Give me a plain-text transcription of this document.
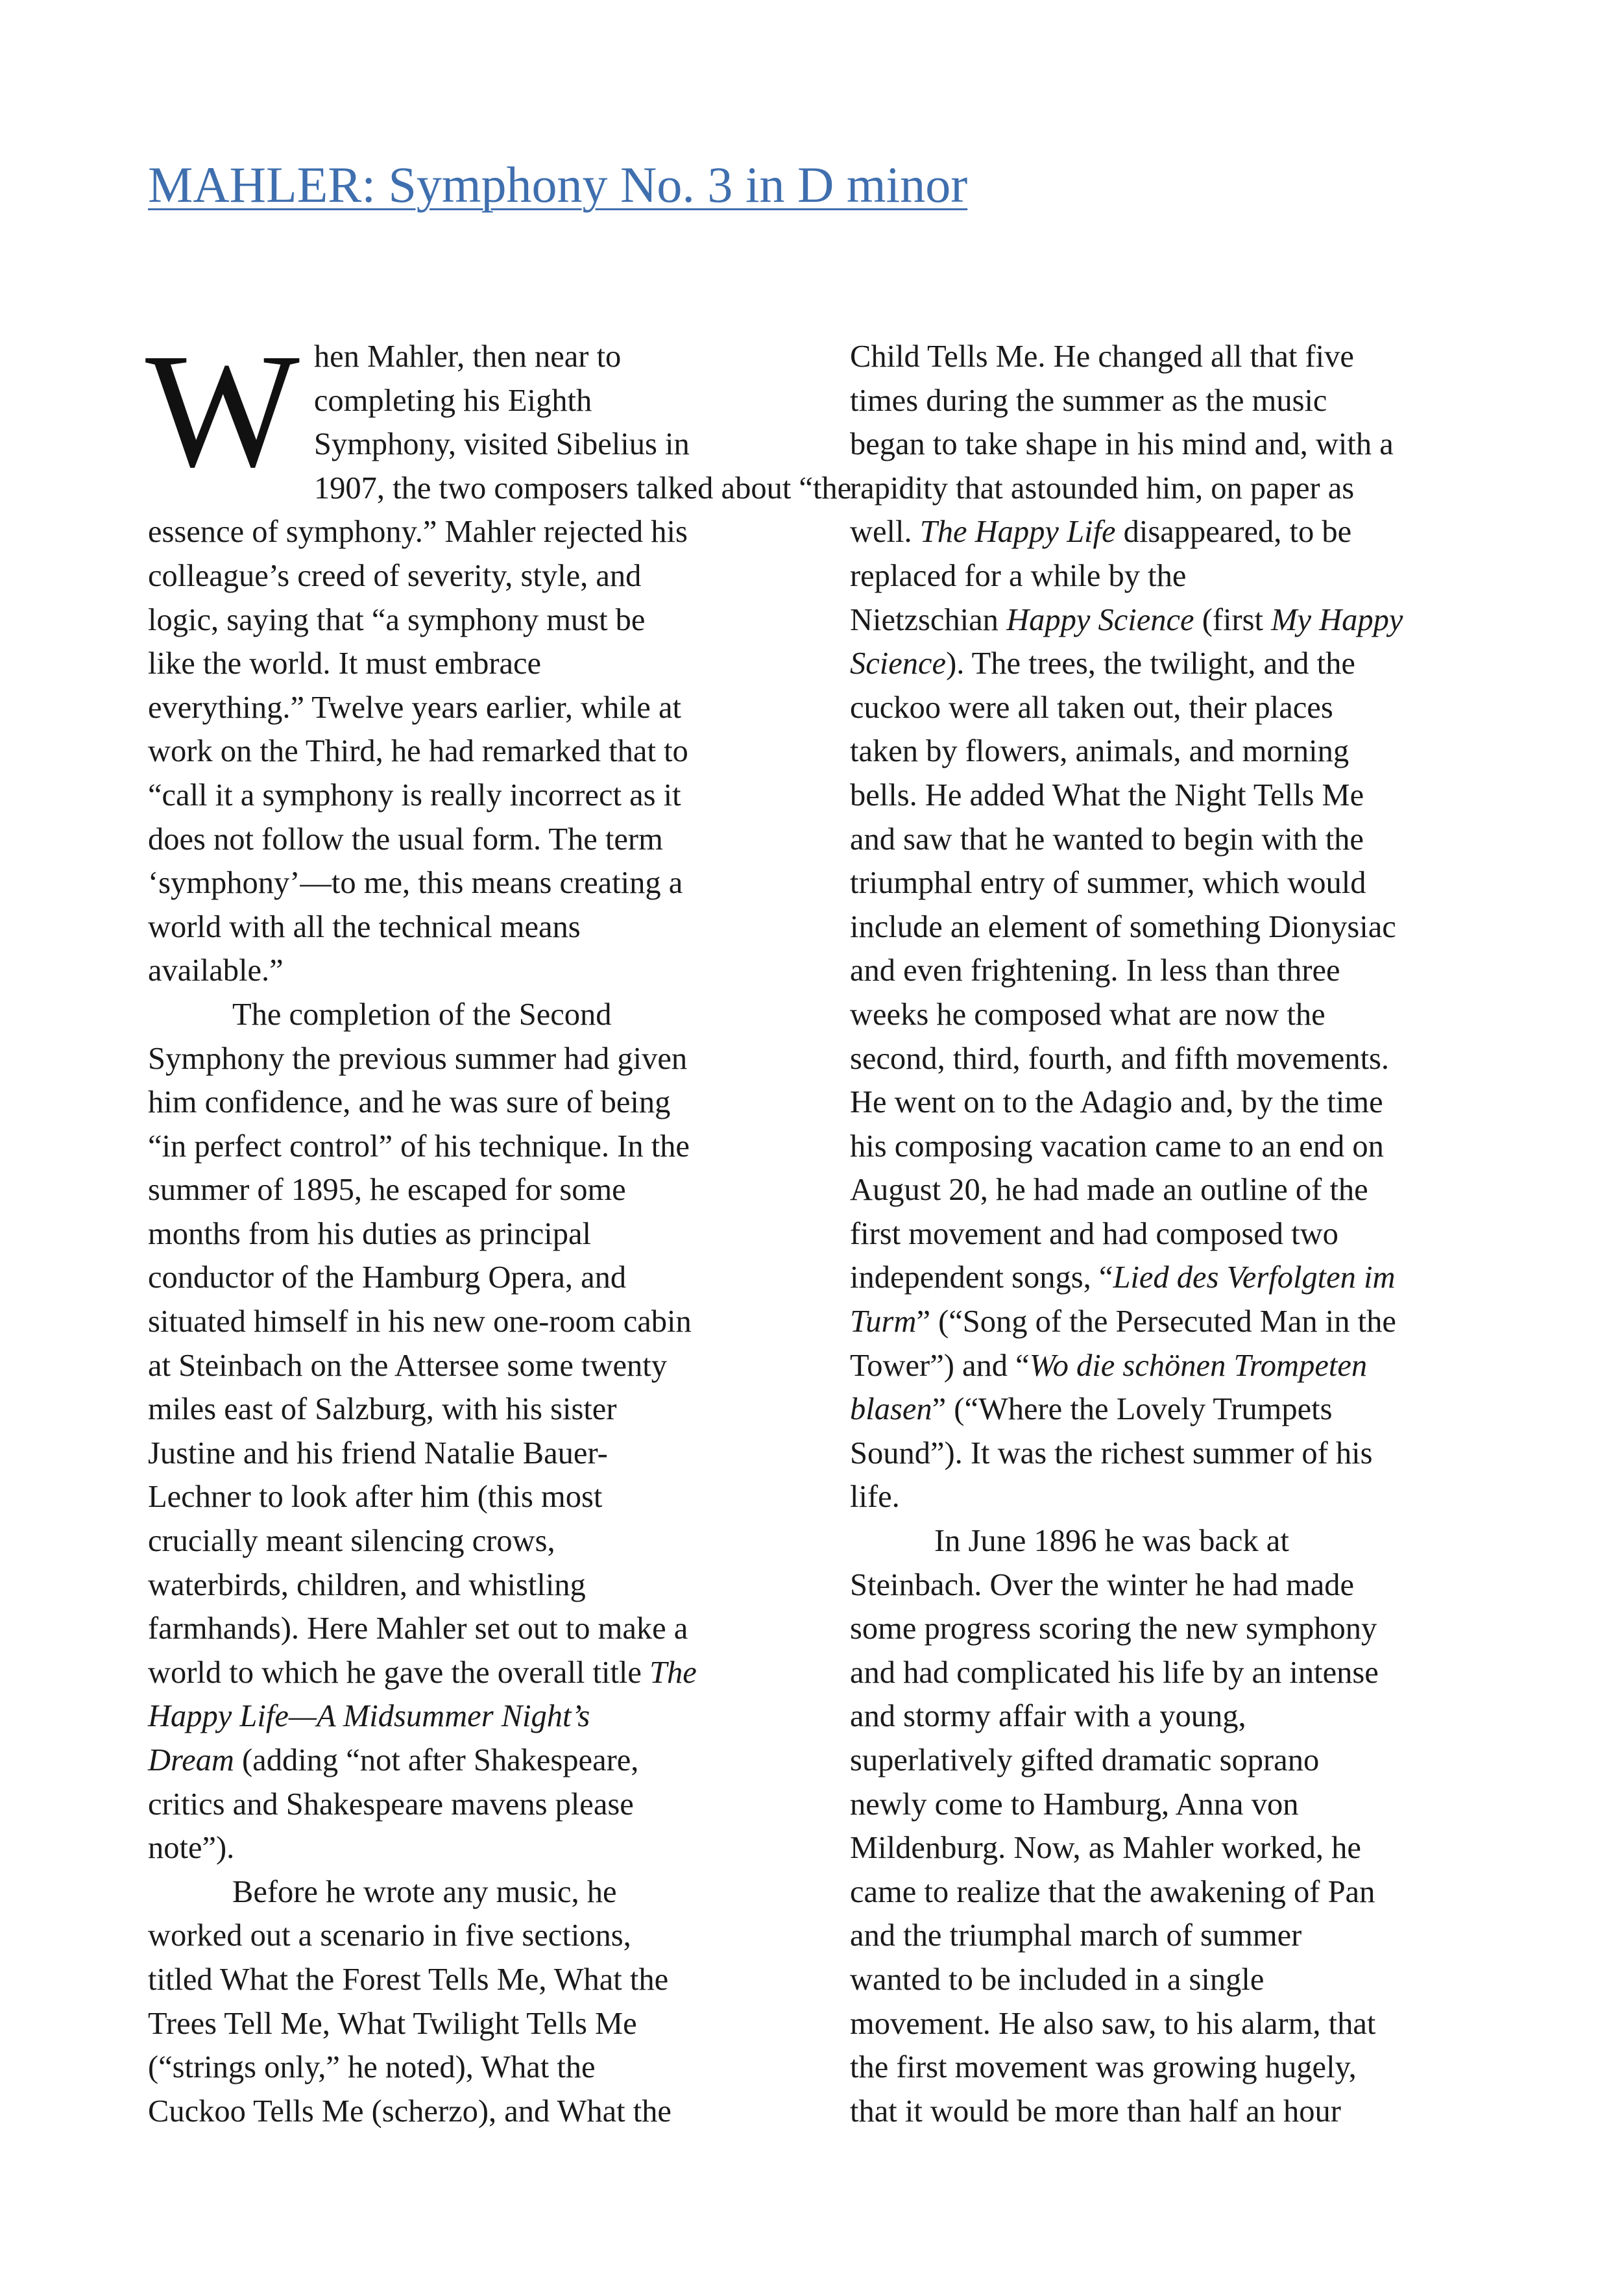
MAHLER: Symphony No. 3 in D minor

W hen Mahler, then near to
completing his Eighth
Symphony, visited Sibelius in
1907, the two composers talked about “the
essence of symphony.” Mahler rejected his
colleague’s creed of severity, style, and
logic, saying that “a symphony must be
like the world. It must embrace
everything.” Twelve years earlier, while at
work on the Third, he had remarked that to
“call it a symphony is really incorrect as it
does not follow the usual form. The term
‘symphony’—to me, this means creating a
world with all the technical means
available.”

The completion of the Second
Symphony the previous summer had given
him confidence, and he was sure of being
“in perfect control” of his technique. In the
summer of 1895, he escaped for some
months from his duties as principal
conductor of the Hamburg Opera, and
situated himself in his new one-room cabin
at Steinbach on the Attersee some twenty
miles east of Salzburg, with his sister
Justine and his friend Natalie Bauer-
Lechner to look after him (this most
crucially meant silencing crows,
waterbirds, children, and whistling
farmhands). Here Mahler set out to make a
world to which he gave the overall title The
Happy Life—A Midsummer Night’s
Dream (adding “not after Shakespeare,
critics and Shakespeare mavens please
note”).

Before he wrote any music, he
worked out a scenario in five sections,
titled What the Forest Tells Me, What the
Trees Tell Me, What Twilight Tells Me
(“strings only,” he noted), What the
Cuckoo Tells Me (scherzo), and What the

Child Tells Me. He changed all that five
times during the summer as the music
began to take shape in his mind and, with a
rapidity that astounded him, on paper as
well. The Happy Life disappeared, to be
replaced for a while by the
Nietzschian Happy Science (first My Happy
Science). The trees, the twilight, and the
cuckoo were all taken out, their places
taken by flowers, animals, and morning
bells. He added What the Night Tells Me
and saw that he wanted to begin with the
triumphal entry of summer, which would
include an element of something Dionysiac
and even frightening. In less than three
weeks he composed what are now the
second, third, fourth, and fifth movements.
He went on to the Adagio and, by the time
his composing vacation came to an end on
August 20, he had made an outline of the
first movement and had composed two
independent songs, “Lied des Verfolgten im
Turm” (“Song of the Persecuted Man in the
Tower”) and “Wo die schönen Trompeten
blasen” (“Where the Lovely Trumpets
Sound”). It was the richest summer of his
life.

In June 1896 he was back at
Steinbach. Over the winter he had made
some progress scoring the new symphony
and had complicated his life by an intense
and stormy affair with a young,
superlatively gifted dramatic soprano
newly come to Hamburg, Anna von
Mildenburg. Now, as Mahler worked, he
came to realize that the awakening of Pan
and the triumphal march of summer
wanted to be included in a single
movement. He also saw, to his alarm, that
the first movement was growing hugely,
that it would be more than half an hour
